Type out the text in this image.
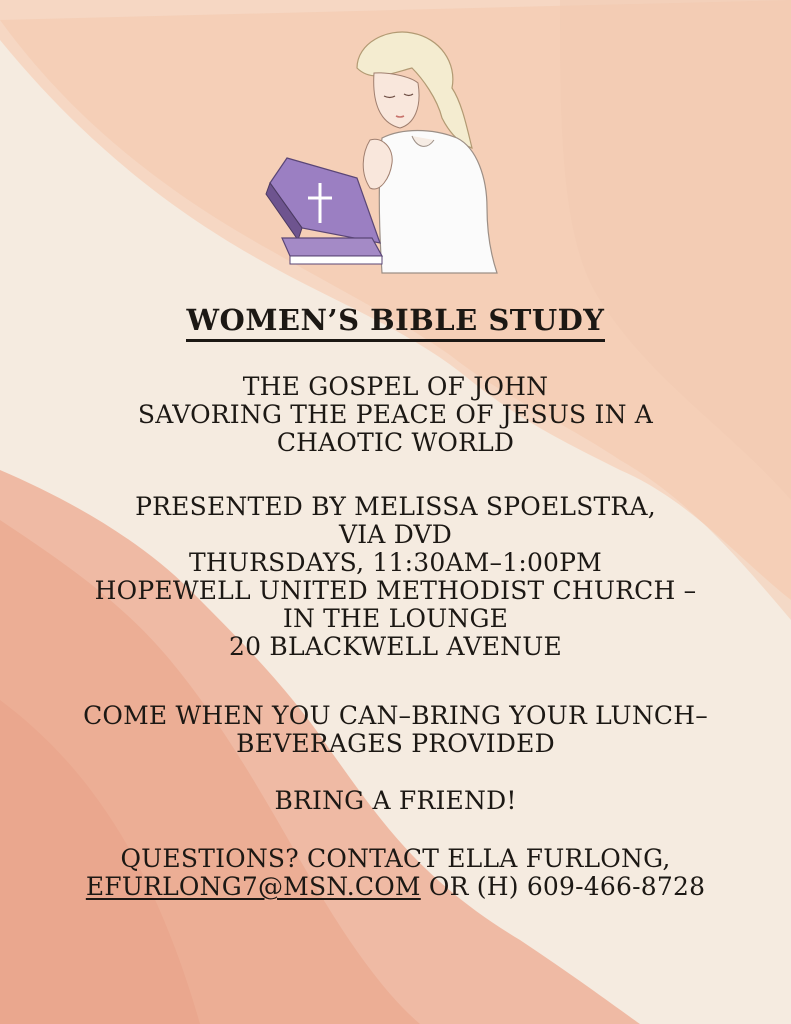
WOMEN’S BIBLE STUDY
THE GOSPEL OF JOHN
SAVORING THE PEACE OF JESUS IN A
CHAOTIC WORLD
PRESENTED BY MELISSA SPOELSTRA,
VIA DVD
THURSDAYS, 11:30AM–1:00PM
HOPEWELL UNITED METHODIST CHURCH –
IN THE LOUNGE
20 BLACKWELL AVENUE
COME WHEN YOU CAN–BRING YOUR LUNCH–
BEVERAGES PROVIDED
BRING A FRIEND!
QUESTIONS? CONTACT ELLA FURLONG,
EFURLONG7@MSN.COM OR (H) 609-466-8728
